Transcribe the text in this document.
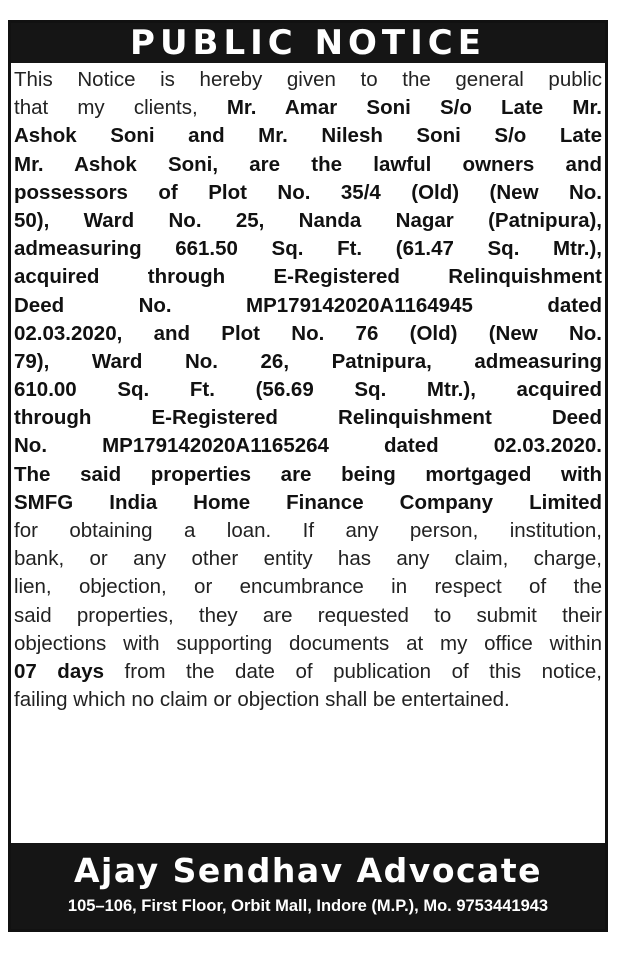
PUBLIC NOTICE
This Notice is hereby given to the general public
that my clients, Mr. Amar Soni S/o Late Mr.
Ashok Soni and Mr. Nilesh Soni S/o Late
Mr. Ashok Soni, are the lawful owners and
possessors of Plot No. 35/4 (Old) (New No.
50), Ward No. 25, Nanda Nagar (Patnipura),
admeasuring 661.50 Sq. Ft. (61.47 Sq. Mtr.),
acquired through E-Registered Relinquishment
Deed No. MP179142020A1164945 dated
02.03.2020, and Plot No. 76 (Old) (New No.
79), Ward No. 26, Patnipura, admeasuring
610.00 Sq. Ft. (56.69 Sq. Mtr.), acquired
through E-Registered Relinquishment Deed
No. MP179142020A1165264 dated 02.03.2020.
The said properties are being mortgaged with
SMFG India Home Finance Company Limited
for obtaining a loan. If any person, institution,
bank, or any other entity has any claim, charge,
lien, objection, or encumbrance in respect of the
said properties, they are requested to submit their
objections with supporting documents at my office within
07 days from the date of publication of this notice,
failing which no claim or objection shall be entertained.
Ajay Sendhav Advocate
105–106, First Floor, Orbit Mall, Indore (M.P.), Mo. 9753441943
